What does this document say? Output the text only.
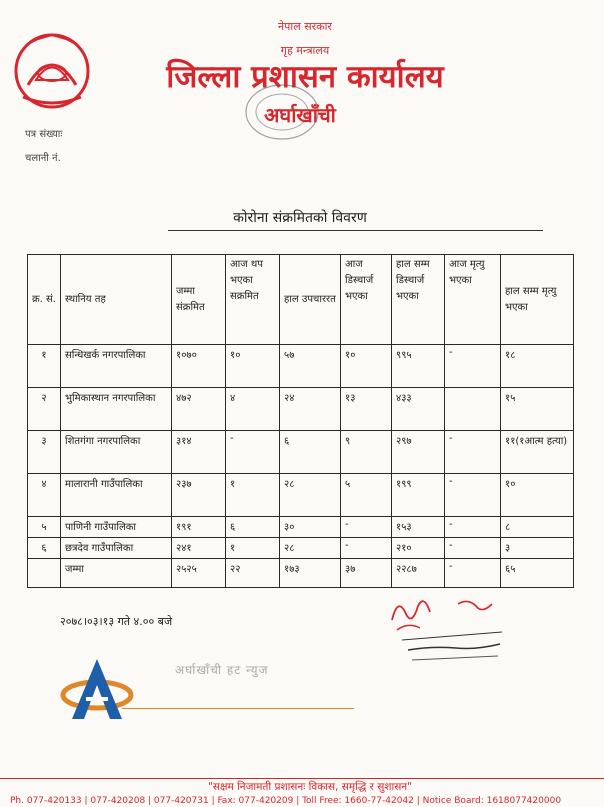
नेपाल सरकार
गृह मन्त्रालय
जिल्ला प्रशासन कार्यालय
अर्घाखाँची
पत्र संख्याः
चलानी नं.
कोरोना संक्रमितको विवरण
क्र. सं.	स्थानिय तह	जम्मा संक्रमित	आज थप भएका सक्रमित	हाल उपचाररत	आज डिस्चार्ज भएका	हाल सम्म डिस्चार्ज भएका	आज मृत्यु भएका	हाल सम्म मृत्यु भएका
१	सन्धिखर्क नगरपालिका	१०७०	१०	५७	१०	९९५	-	१८
२	भुमिकास्थान नगरपालिका	४७२	४	२४	१३	४३३		१५
३	शितगंगा नगरपालिका	३१४	-	६	९	२९७	-	११(१आत्म हत्या)
४	मालारानी गाउँपालिका	२३७	१	२८	५	१९९	-	१०
५	पाणिनी गाउँपालिका	१९१	६	३०	-	१५३	-	८
६	छत्रदेव गाउँपालिका	२४१	१	२८	-	२१०	-	३
	जम्मा	२५२५	२२	१७३	३७	२२८७	-	६५
२०७८।०३।१३ गते ४.०० बजे
अर्घाखाँची हट न्युज
"सक्षम निजामती प्रशासनः विकास, समृद्धि र सुशासन"
Ph. 077-420133 | 077-420208 | 077-420731 | Fax: 077-420209 | Toll Free: 1660-77-42042 | Notice Board: 1618077420000
